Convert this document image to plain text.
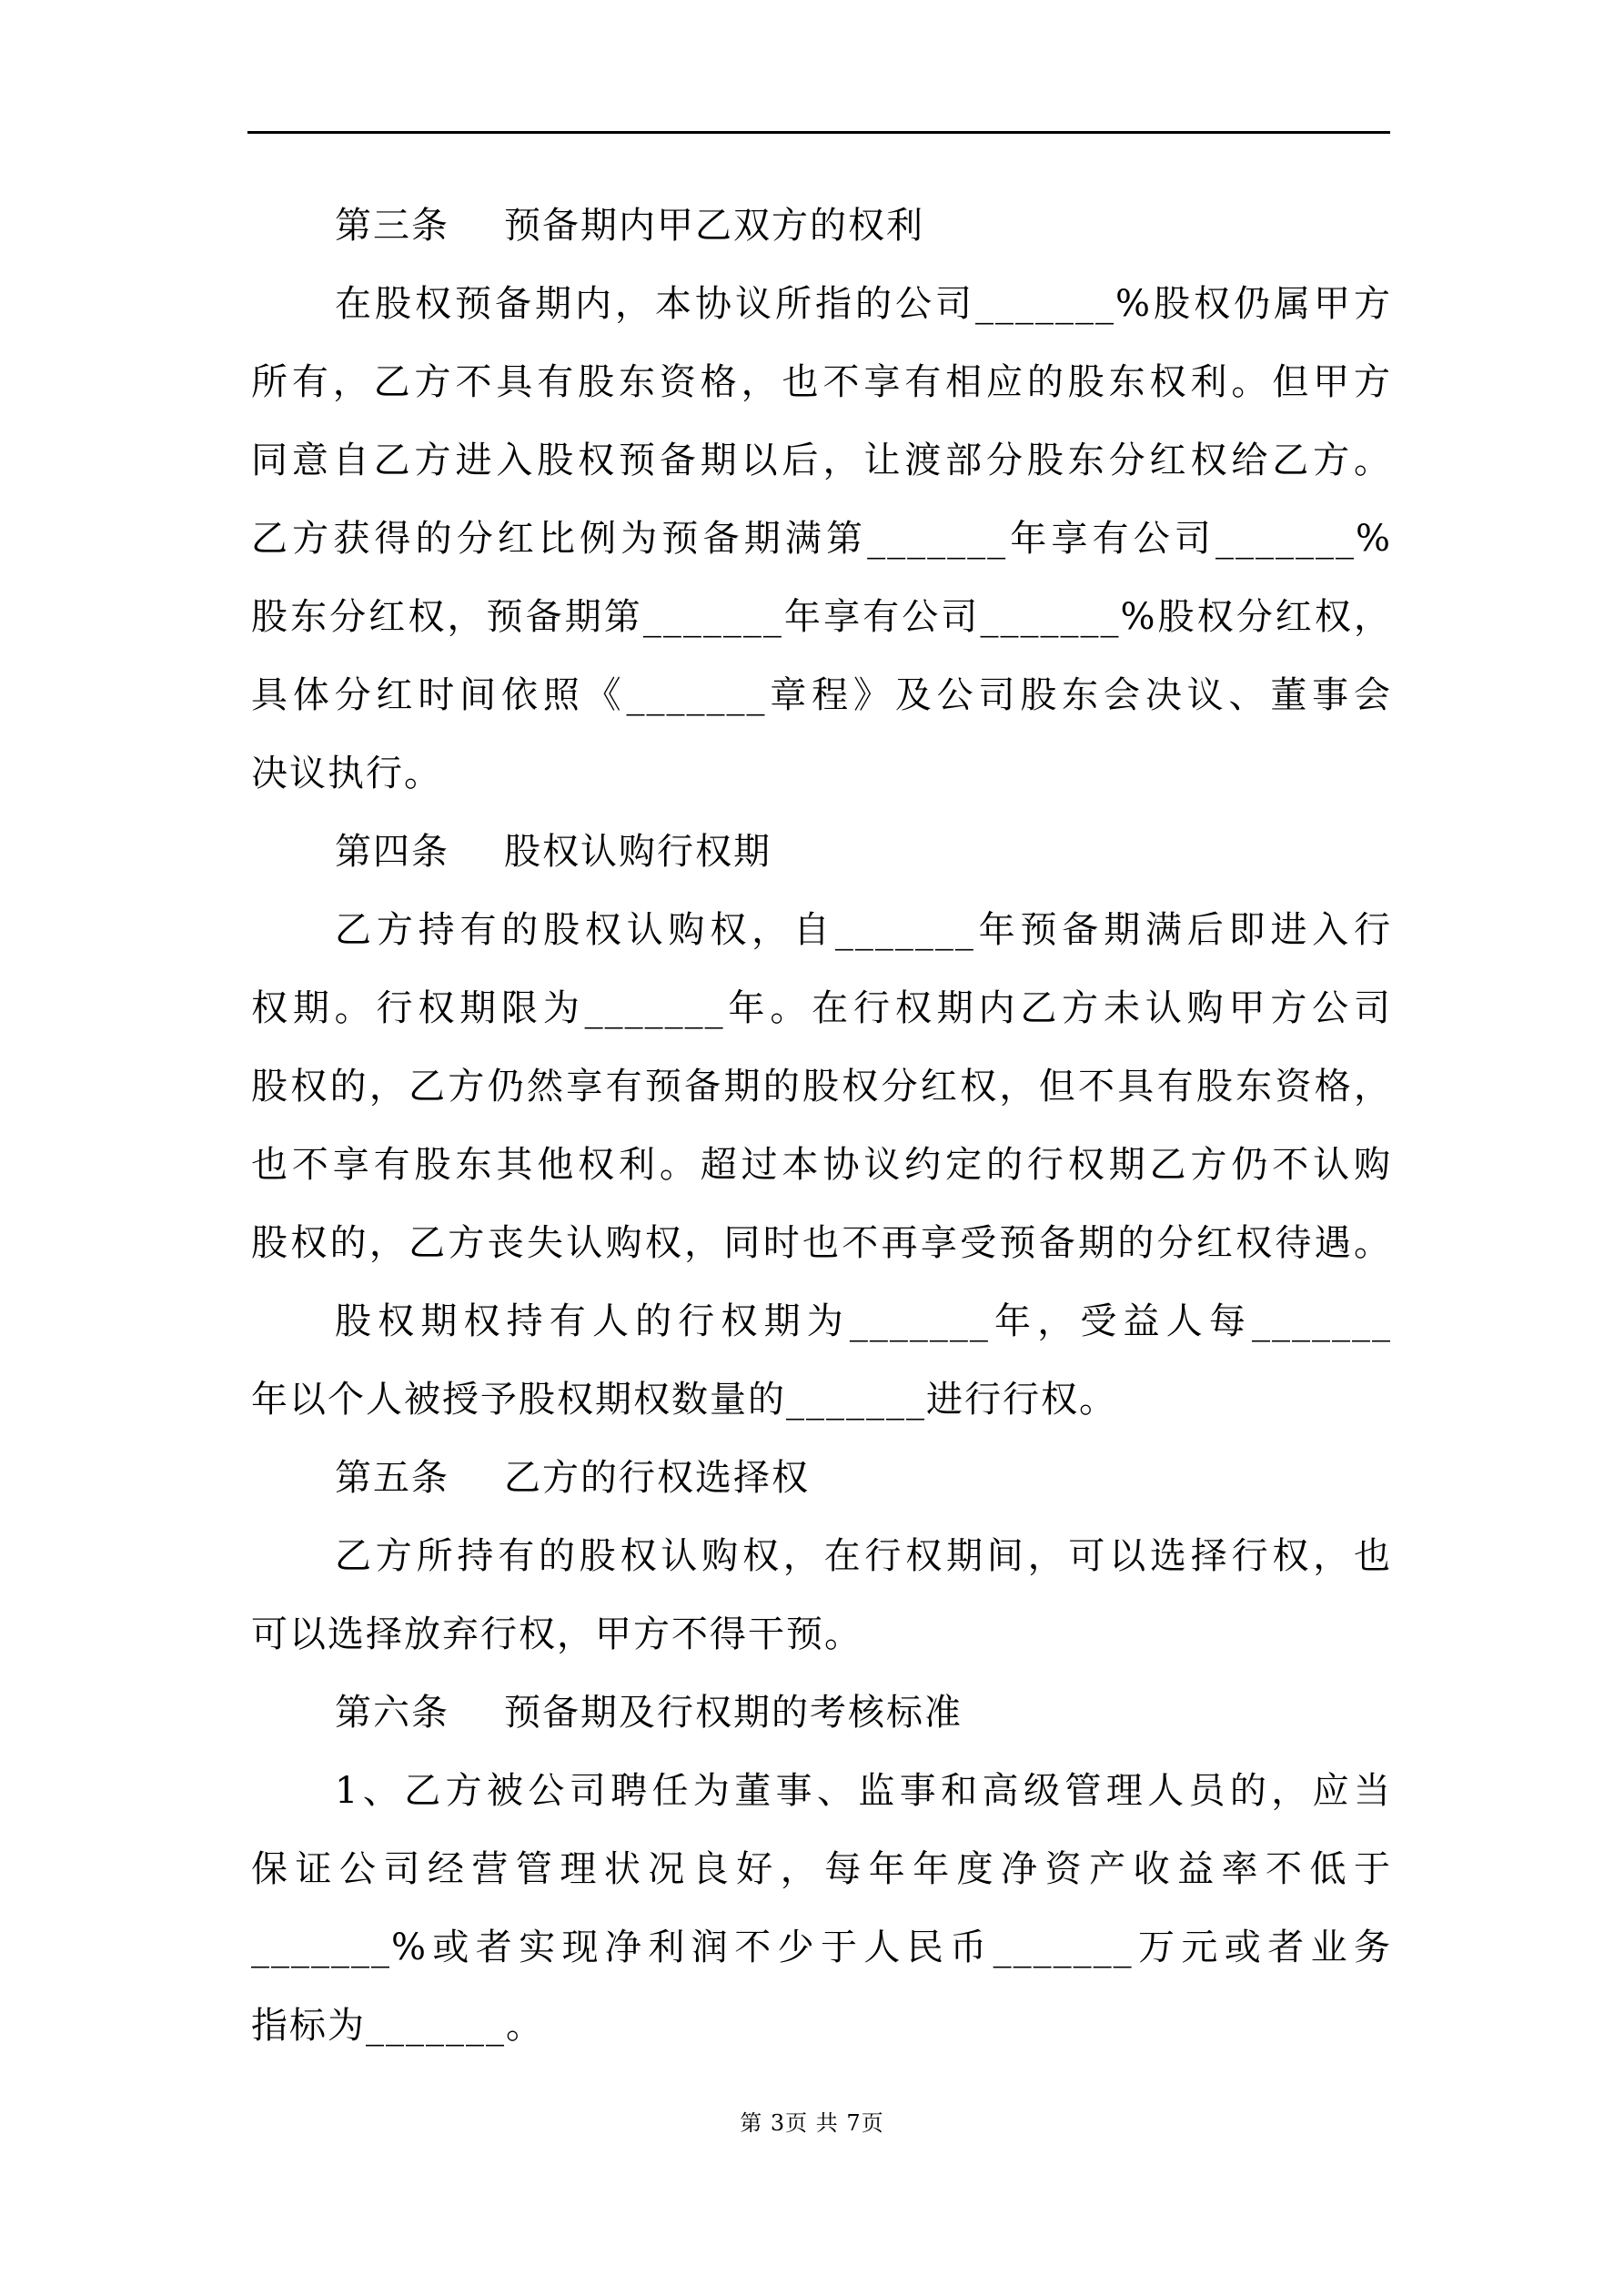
第三条 预备期内甲乙双方的权利
在股权预备期内，本协议所指的公司_______%股权仍属甲方
所有，乙方不具有股东资格，也不享有相应的股东权利。但甲方
同意自乙方进入股权预备期以后，让渡部分股东分红权给乙方。
乙方获得的分红比例为预备期满第_______年享有公司_______%
股东分红权，预备期第_______年享有公司_______%股权分红权，
具体分红时间依照《_______章程》及公司股东会决议、董事会
决议执行。
第四条 股权认购行权期
乙方持有的股权认购权，自_______年预备期满后即进入行
权期。行权期限为_______年。在行权期内乙方未认购甲方公司
股权的，乙方仍然享有预备期的股权分红权，但不具有股东资格，
也不享有股东其他权利。超过本协议约定的行权期乙方仍不认购
股权的，乙方丧失认购权，同时也不再享受预备期的分红权待遇。
股权期权持有人的行权期为_______年，受益人每_______
年以个人被授予股权期权数量的_______进行行权。
第五条 乙方的行权选择权
乙方所持有的股权认购权，在行权期间，可以选择行权，也
可以选择放弃行权，甲方不得干预。
第六条 预备期及行权期的考核标准
1、乙方被公司聘任为董事、监事和高级管理人员的，应当
保证公司经营管理状况良好，每年年度净资产收益率不低于
_______%或者实现净利润不少于人民币_______万元或者业务
指标为_______。
第 3页 共 7页
